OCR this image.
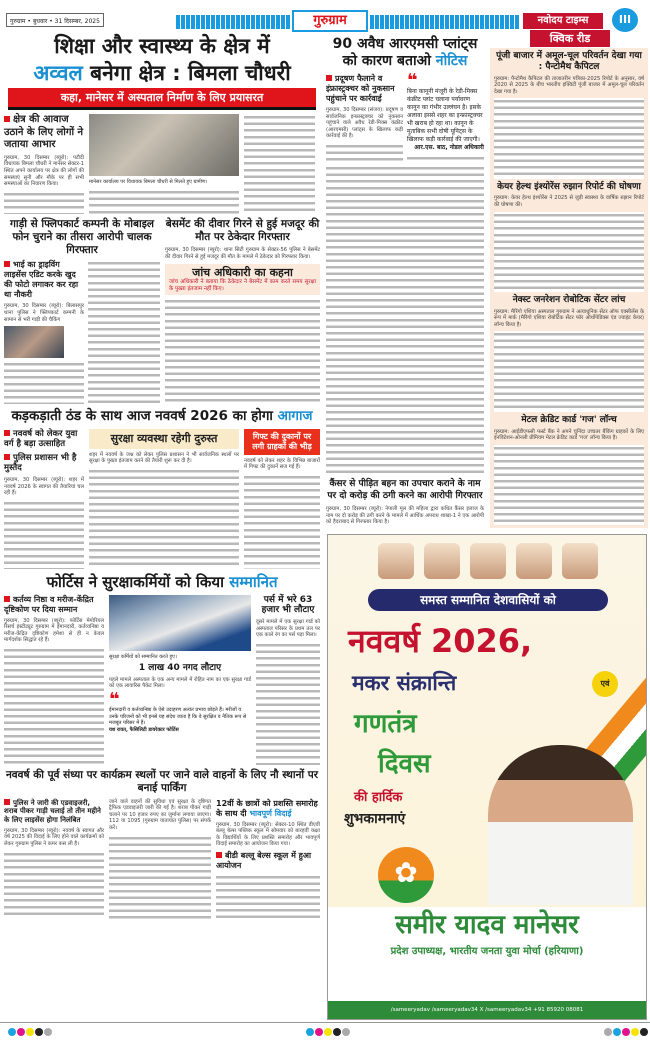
गुरुग्राम • बुधवार • 31 दिसम्बर, 2025	गुरुग्राम	नवोदय टाइम्स	III
शिक्षा और स्वास्थ्य के क्षेत्र में
अव्वल बनेगा क्षेत्र : बिमला चौधरी
कहा, मानेसर में अस्पताल निर्माण के लिए प्रयासरत
क्षेत्र की आवाज उठाने के लिए लोगों ने जताया आभार
गुरुग्राम, 30 दिसम्बर (ब्यूरो): पटौदी विधायक बिमला चौधरी ने मानेसर सेक्टर-1 स्थित अपने कार्यालय पर क्षेत्र की लोगों की समस्याएं सुनी और मौके पर ही सभी समस्याओं का निवारण किया।	मानेसर कार्यालय पर विधायक बिमला चौधरी से मिलते हुए ग्रामीण।
गाड़ी से फ्लिपकार्ट कम्पनी के मोबाइल फोन चुराने का तीसरा आरोपी चालक गिरफ्तार
भाई का ड्राइविंग लाइसेंस एडिट करके खुद की फोटो लगाकर कर रहा था नौकरी
गुरुग्राम, 30 दिसम्बर (ब्यूरो): बिलासपुर थाना पुलिस ने फ्लिपकार्ट कम्पनी के सामान से भरी गाड़ी की चैकिंग
बेसमेंट की दीवार गिरने से हुई मजदूर की मौत पर ठेकेदार गिरफ्तार
गुरुग्राम, 30 दिसम्बर (ब्यूरो): थाना सिटी गुरुग्राम के सेक्टर-56 पुलिस ने बेसमेंट की दीवार गिरने से हुई मजदूर की मौत के मामले में ठेकेदार को गिरफ्तार किया।
जांच अधिकारी का कहना
जांच अधिकारी ने बताया कि ठेकेदार ने बेसमेंट में काम करते समय सुरक्षा के पुख्ता इंतजाम नहीं किए।
कड़कड़ाती ठंड के साथ आज नववर्ष 2026 का होगा आगाज
नववर्ष को लेकर युवा वर्ग है बड़ा उत्साहित
पुलिस प्रशासन भी है मुस्तैद
गुरुग्राम, 30 दिसम्बर (ब्यूरो): शहर में नववर्ष 2026 के स्वागत की तैयारियां चल रही हैं।
सुरक्षा व्यवस्था रहेगी दुरुस्त
शहर में नववर्ष के जश्न को लेकर पुलिस प्रशासन ने भी सार्वजनिक स्थलों पर सुरक्षा के पुख्ता इंतजाम करने की तैयारी शुरू कर दी है।
गिफ्ट की दुकानों पर लगी ग्राहकों की भीड़
नववर्ष को लेकर शहर के विभिन्न बाजारों में गिफ्ट की दुकानें सज गई हैं।
फोर्टिस ने सुरक्षाकर्मियों को किया सम्मानित
कर्तव्य निष्ठा व मरीज-केंद्रित दृष्टिकोण पर दिया सम्मान
गुरुग्राम, 30 दिसम्बर (ब्यूरो): फोर्टिस मेमोरियल रिसर्च इंस्टीट्यूट गुरुग्राम में ईमानदारी, कर्तव्यनिष्ठा व मरीज-केंद्रित दृष्टिकोण हमेशा से ही न केवल मार्गदर्शक सिद्धांत रहे हैं।
सुरक्षा कर्मियों को सम्मानित करते हुए।
1 लाख 40 नगद लौटाए
पहले मामले अस्पताल के एक अन्य मामले में रोहित नाम का एक सुरक्षा गार्ड को एक लावारिस पैकेट मिला।
❝
ईमानदारी व कर्तव्यनिष्ठा के ऐसे उदाहरण अत्यंत प्रभाव छोड़ते हैं। मरीजों व उनके परिजनों को भी इनसे यह संदेश जाता है कि वे सुरक्षित व नैतिक रूप से मजबूत परिसर में हैं।
यश रावत, फैसिलिटी डायरेक्टर फोर्टिस
पर्स में भरे 63 हजार भी लौटाए
दूसरे मामले में एक सुरक्षा गार्ड को अस्पताल परिसर के प्रथम तल पर एक काले रंग का पर्स पड़ा मिला।
नववर्ष की पूर्व संध्या पर कार्यक्रम स्थलों पर जाने वाले वाहनों के लिए नौ स्थानों पर बनाई पार्किंग
पुलिस ने जारी की एडवाइजरी, शराब पीकर गाड़ी चलाई तो तीन महीने के लिए लाइसेंस होगा निलंबित
गुरुग्राम, 30 दिसम्बर (ब्यूरो): नववर्ष के स्वागत और वर्ष 2025 की विदाई के लिए होने वाले कार्यक्रमों को लेकर गुरुग्राम पुलिस ने कमर कस ली है।
जाने वाले वाहनों की सुविधा एवं सुरक्षा के दृष्टिगत ट्रैफिक एडवाइजरी जारी की गई है। शराब पीकर गाड़ी चलाने पर 10 हजार रुपए का जुर्माना लगाया जाएगा। 112 या 1095 (गुरुग्राम यातायात पुलिस) पर संपर्क करें।
12वीं के छात्रों को प्रशस्ति समारोह के साथ दी भावपूर्ण विदाई
गुरुग्राम, 30 दिसम्बर (ब्यूरो): सेक्टर-10 स्थित डीएवी बल्लू बेल्स पब्लिक स्कूल में सोमवार को बारहवीं कक्षा के विद्यार्थियों के लिए प्रशस्ति समारोह और भावपूर्ण विदाई समारोह का आयोजन किया गया।
बीडी बल्लू बेल्स स्कूल में हुआ आयोजन
90 अवैध आरएमसी प्लांट्स को कारण बताओ नोटिस
प्रदूषण फैलाने व इंफ्रास्ट्रक्चर को नुकसान पहुंचाने पर कार्रवाई
गुरुग्राम, 30 दिसम्बर (संजय): प्रदूषण व सार्वजनिक इन्फ्रास्ट्रक्चर को नुकसान पहुंचाने वाले अवैध रेडी-मिक्स कंक्रीट (आरएमसी) प्लांट्स के खिलाफ कड़ी कार्रवाई की है।
❝
बिना कानूनी मंजूरी के रेडी-मिक्स कंक्रीट प्लांट चलाना पर्यावरण कानून का गंभीर उल्लंघन है। इसके अलावा इससे शहर का इन्फ्रास्ट्रक्चर भी खराब हो रहा था। कानून के मुताबिक सभी दोषी यूनिट्स के खिलाफ कड़ी कार्रवाई की जाएगी।
आर.एस. बाठ, नोडल अधिकारी
कैंसर से पीड़ित बहन का उपचार कराने के नाम पर दो करोड़ की ठगी करने का आरोपी गिरफ्तार
गुरुग्राम, 30 दिसम्बर (ब्यूरो): नेपाली मूल की महिला द्वारा कथित कैंसर इलाज के नाम पर दो करोड़ की ठगी करने के मामले में आर्थिक अपराध शाखा-1 ने एक आरोपी को हैदराबाद से गिरफ्तार किया है।
क्विक रीड
पूंजी बाजार में अमूल-चूल परिवर्तन देखा गया : पैन्टोमैथ कैपिटल
गुरुग्राम: पैन्टोमैथ कैपिटल की ताजातरीन पत्रिका-2025 रिपोर्ट के अनुसार, वर्ष 2020 से 2025 के बीच भारतीय इक्विटी पूंजी बाजार में अमूल-चूल परिवर्तन देखा गया है।
केयर हेल्थ इंश्योरेंस रुझान रिपोर्ट की घोषणा
गुरुग्राम: केयर हेल्थ इंश्योरेंस ने 2025 से जुड़ी स्वास्थ्य के वार्षिक रुझान रिपोर्ट की घोषणा की।
नेक्स्ट जनरेशन रोबोटिक सेंटर लांच
गुरुग्राम: मैरिंगो एशिया अस्पताल गुरुग्राम ने अत्याधुनिक सेंटर ऑफ एक्सीलेंस के रूप में मार्क (मैरिंगो एशिया रोबोटिक सेंटर फॉर ऑर्थोपेडिक्स एंड ज्वाइंट केयर) लॉन्च किया है।
मेटल क्रेडिट कार्ड 'गज' लॉन्च
गुरुग्राम: आईडीएफसी फर्स्ट बैंक ने अपने चुनिंदा उच्चतर बैंकिंग ग्राहकों के लिए इनविटेशन-ओनली प्रीमियम मेटल क्रेडिट कार्ड 'गज' लॉन्च किया है।
✿
समस्त सम्मानित देशवासियों को
नववर्ष 2026,
मकर संक्रान्ति	एवं
गणतंत्र
दिवस
की हार्दिक
शुभकामनाएं
समीर यादव मानेसर
प्रदेश उपाध्यक्ष, भारतीय जनता युवा मोर्चा (हरियाणा)
/sameeryadav /sameeryadav34 X /sameeryadav34 +91 85920 08081
